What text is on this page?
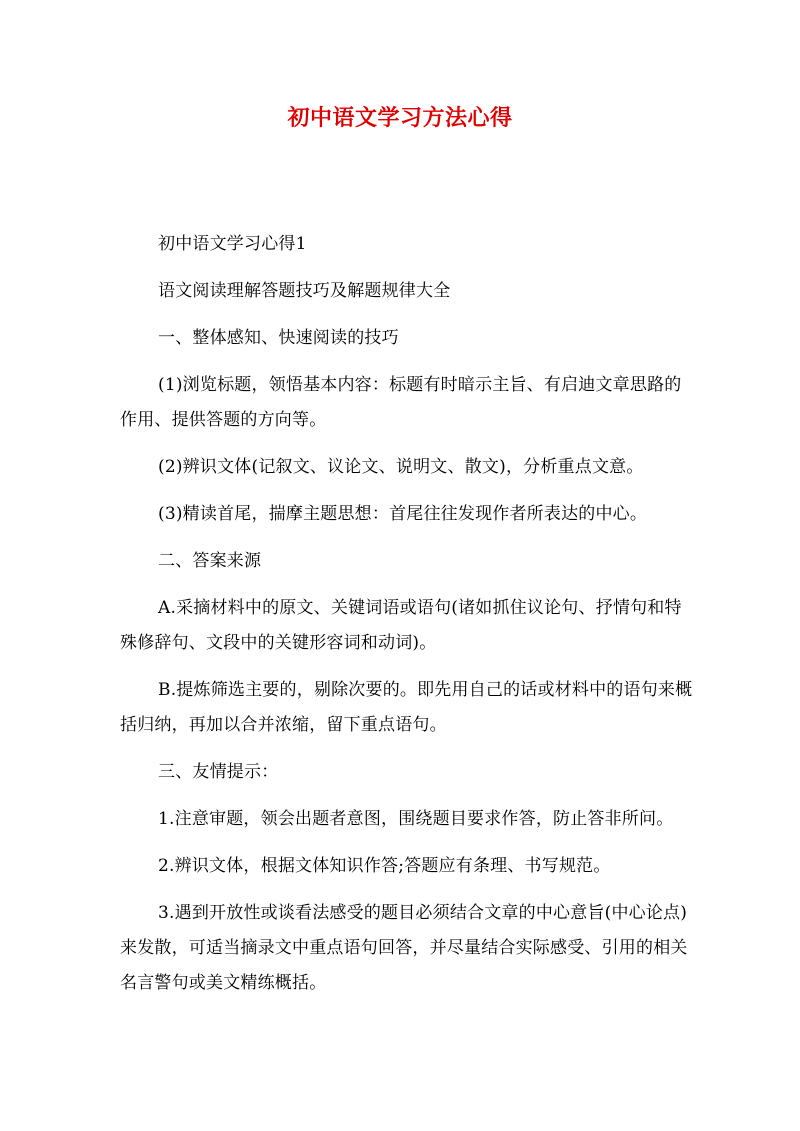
初中语文学习方法心得

初中语文学习心得1

语文阅读理解答题技巧及解题规律大全

一、整体感知、快速阅读的技巧

(1)浏览标题，领悟基本内容：标题有时暗示主旨、有启迪文章思路的作用、提供答题的方向等。

(2)辨识文体(记叙文、议论文、说明文、散文)，分析重点文意。

(3)精读首尾，揣摩主题思想：首尾往往发现作者所表达的中心。

二、答案来源

A.采摘材料中的原文、关键词语或语句(诸如抓住议论句、抒情句和特殊修辞句、文段中的关键形容词和动词)。

B.提炼筛选主要的，剔除次要的。即先用自己的话或材料中的语句来概括归纳，再加以合并浓缩，留下重点语句。

三、友情提示：

1.注意审题，领会出题者意图，围绕题目要求作答，防止答非所问。

2.辨识文体，根据文体知识作答;答题应有条理、书写规范。

3.遇到开放性或谈看法感受的题目必须结合文章的中心意旨(中心论点)来发散，可适当摘录文中重点语句回答，并尽量结合实际感受、引用的相关名言警句或美文精练概括。
